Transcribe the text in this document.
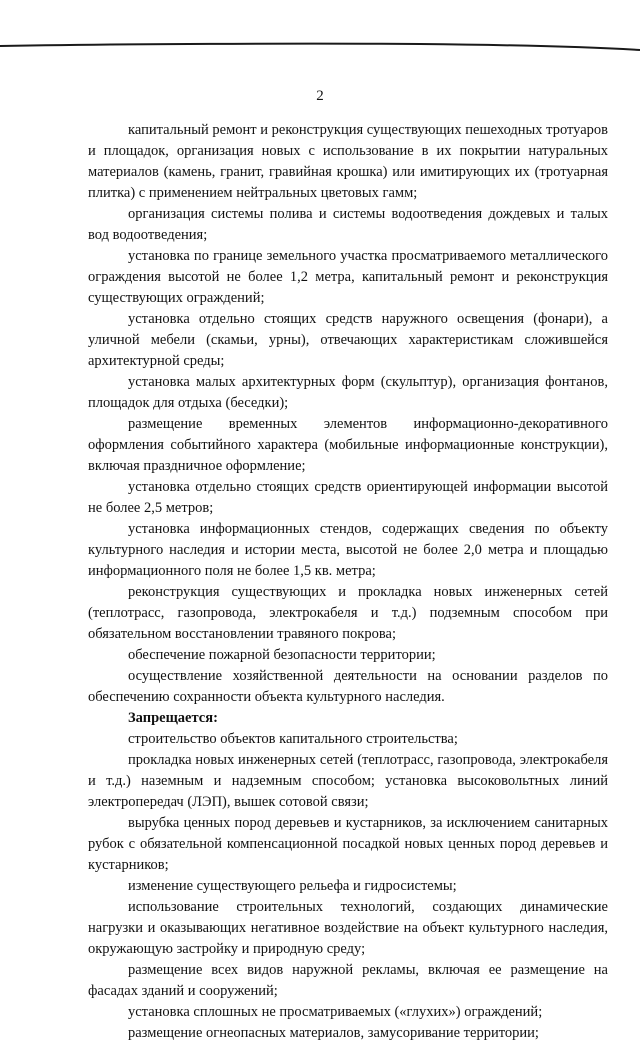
2

капитальный ремонт и реконструкция существующих пешеходных тротуаров и площадок, организация новых с использование в их покрытии натуральных материалов (камень, гранит, гравийная крошка) или имитирующих их (тротуарная плитка) с применением нейтральных цветовых гамм;

организация системы полива и системы водоотведения дождевых и талых вод водоотведения;

установка по границе земельного участка просматриваемого металлического ограждения высотой не более 1,2 метра, капитальный ремонт и реконструкция существующих ограждений;

установка отдельно стоящих средств наружного освещения (фонари), а уличной мебели (скамьи, урны), отвечающих характеристикам сложившейся архитектурной среды;

установка малых архитектурных форм (скульптур), организация фонтанов, площадок для отдыха (беседки);

размещение временных элементов информационно-декоративного оформления событийного характера (мобильные информационные конструкции), включая праздничное оформление;

установка отдельно стоящих средств ориентирующей информации высотой не более 2,5 метров;

установка информационных стендов, содержащих сведения по объекту культурного наследия и истории места, высотой не более 2,0 метра и площадью информационного поля не более 1,5 кв. метра;

реконструкция существующих и прокладка новых инженерных сетей (теплотрасс, газопровода, электрокабеля и т.д.) подземным способом при обязательном восстановлении травяного покрова;

обеспечение пожарной безопасности территории;

осуществление хозяйственной деятельности на основании разделов по обеспечению сохранности объекта культурного наследия.

Запрещается:

строительство объектов капитального строительства;

прокладка новых инженерных сетей (теплотрасс, газопровода, электрокабеля и т.д.) наземным и надземным способом; установка высоковольтных линий электропередач (ЛЭП), вышек сотовой связи;

вырубка ценных пород деревьев и кустарников, за исключением санитарных рубок с обязательной компенсационной посадкой новых ценных пород деревьев и кустарников;

изменение существующего рельефа и гидросистемы;

использование строительных технологий, создающих динамические нагрузки и оказывающих негативное воздействие на объект культурного наследия, окружающую застройку и природную среду;

размещение всех видов наружной рекламы, включая ее размещение на фасадах зданий и сооружений;

установка сплошных не просматриваемых («глухих») ограждений;

размещение огнеопасных материалов, замусоривание территории;
